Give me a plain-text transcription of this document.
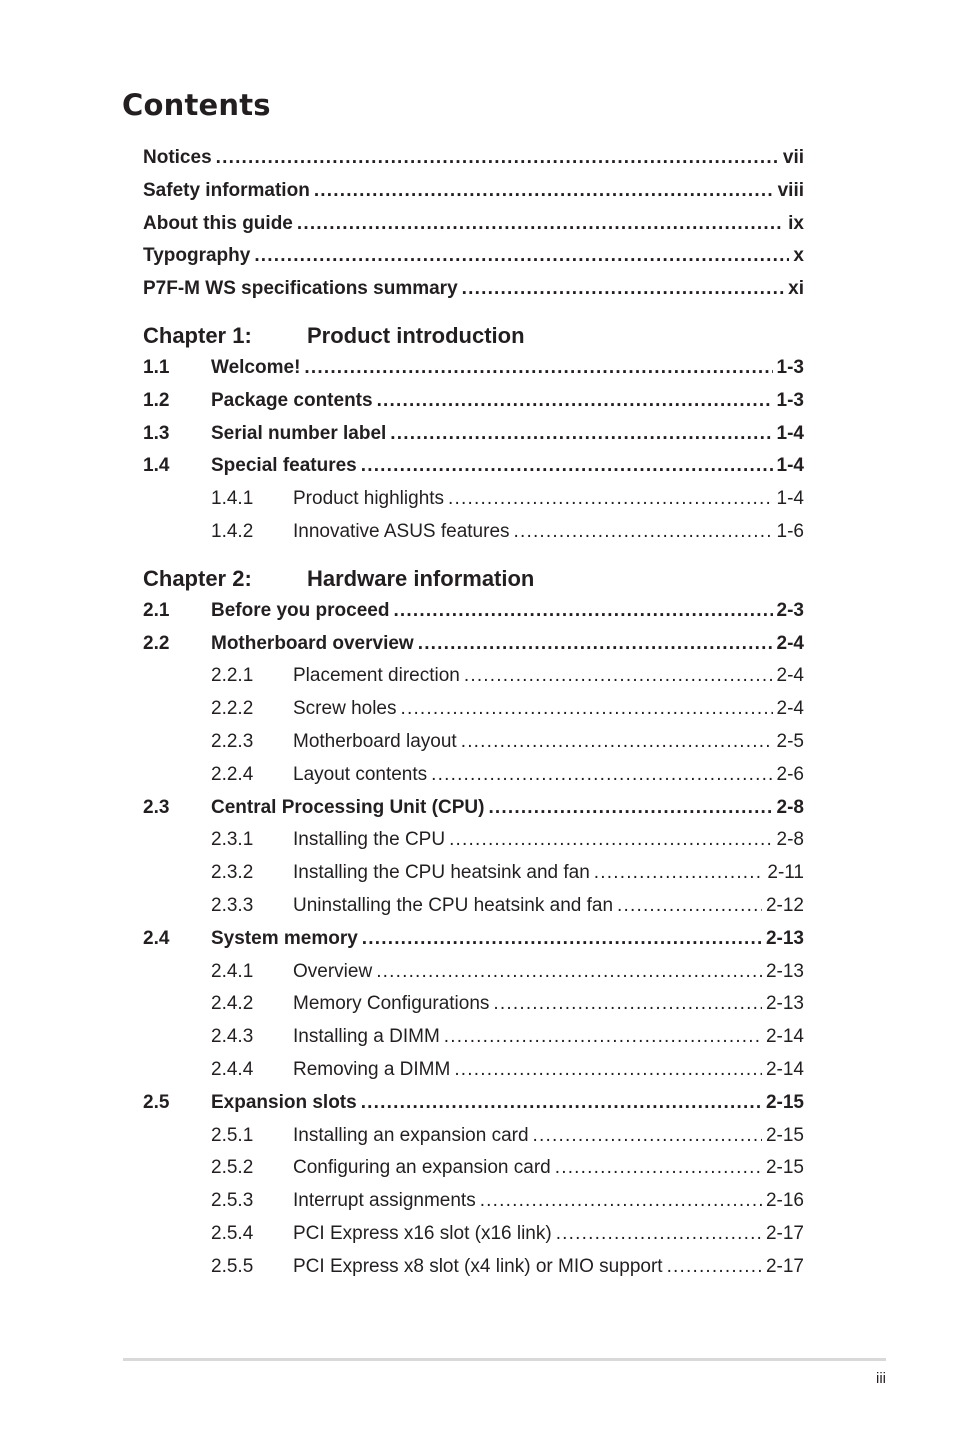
Contents
Notices .....	vii
Safety information .....	viii
About this guide .....	ix
Typography .....	x
P7F-M WS specifications summary .....	xi
Chapter 1:	Product introduction
1.1	Welcome! .....	1-3
1.2	Package contents .....	1-3
1.3	Serial number label .....	1-4
1.4	Special features .....	1-4
1.4.1	Product highlights .....	1-4
1.4.2	Innovative ASUS features .....	1-6
Chapter 2:	Hardware information
2.1	Before you proceed .....	2-3
2.2	Motherboard overview .....	2-4
2.2.1	Placement direction .....	2-4
2.2.2	Screw holes .....	2-4
2.2.3	Motherboard layout .....	2-5
2.2.4	Layout contents .....	2-6
2.3	Central Processing Unit (CPU) .....	2-8
2.3.1	Installing the CPU .....	2-8
2.3.2	Installing the CPU heatsink and fan .....	2-11
2.3.3	Uninstalling the CPU heatsink and fan .....	2-12
2.4	System memory .....	2-13
2.4.1	Overview .....	2-13
2.4.2	Memory Configurations .....	2-13
2.4.3	Installing a DIMM .....	2-14
2.4.4	Removing a DIMM .....	2-14
2.5	Expansion slots .....	2-15
2.5.1	Installing an expansion card .....	2-15
2.5.2	Configuring an expansion card .....	2-15
2.5.3	Interrupt assignments .....	2-16
2.5.4	PCI Express x16 slot (x16 link) .....	2-17
2.5.5	PCI Express x8 slot (x4 link) or MIO support .....	2-17
iii
